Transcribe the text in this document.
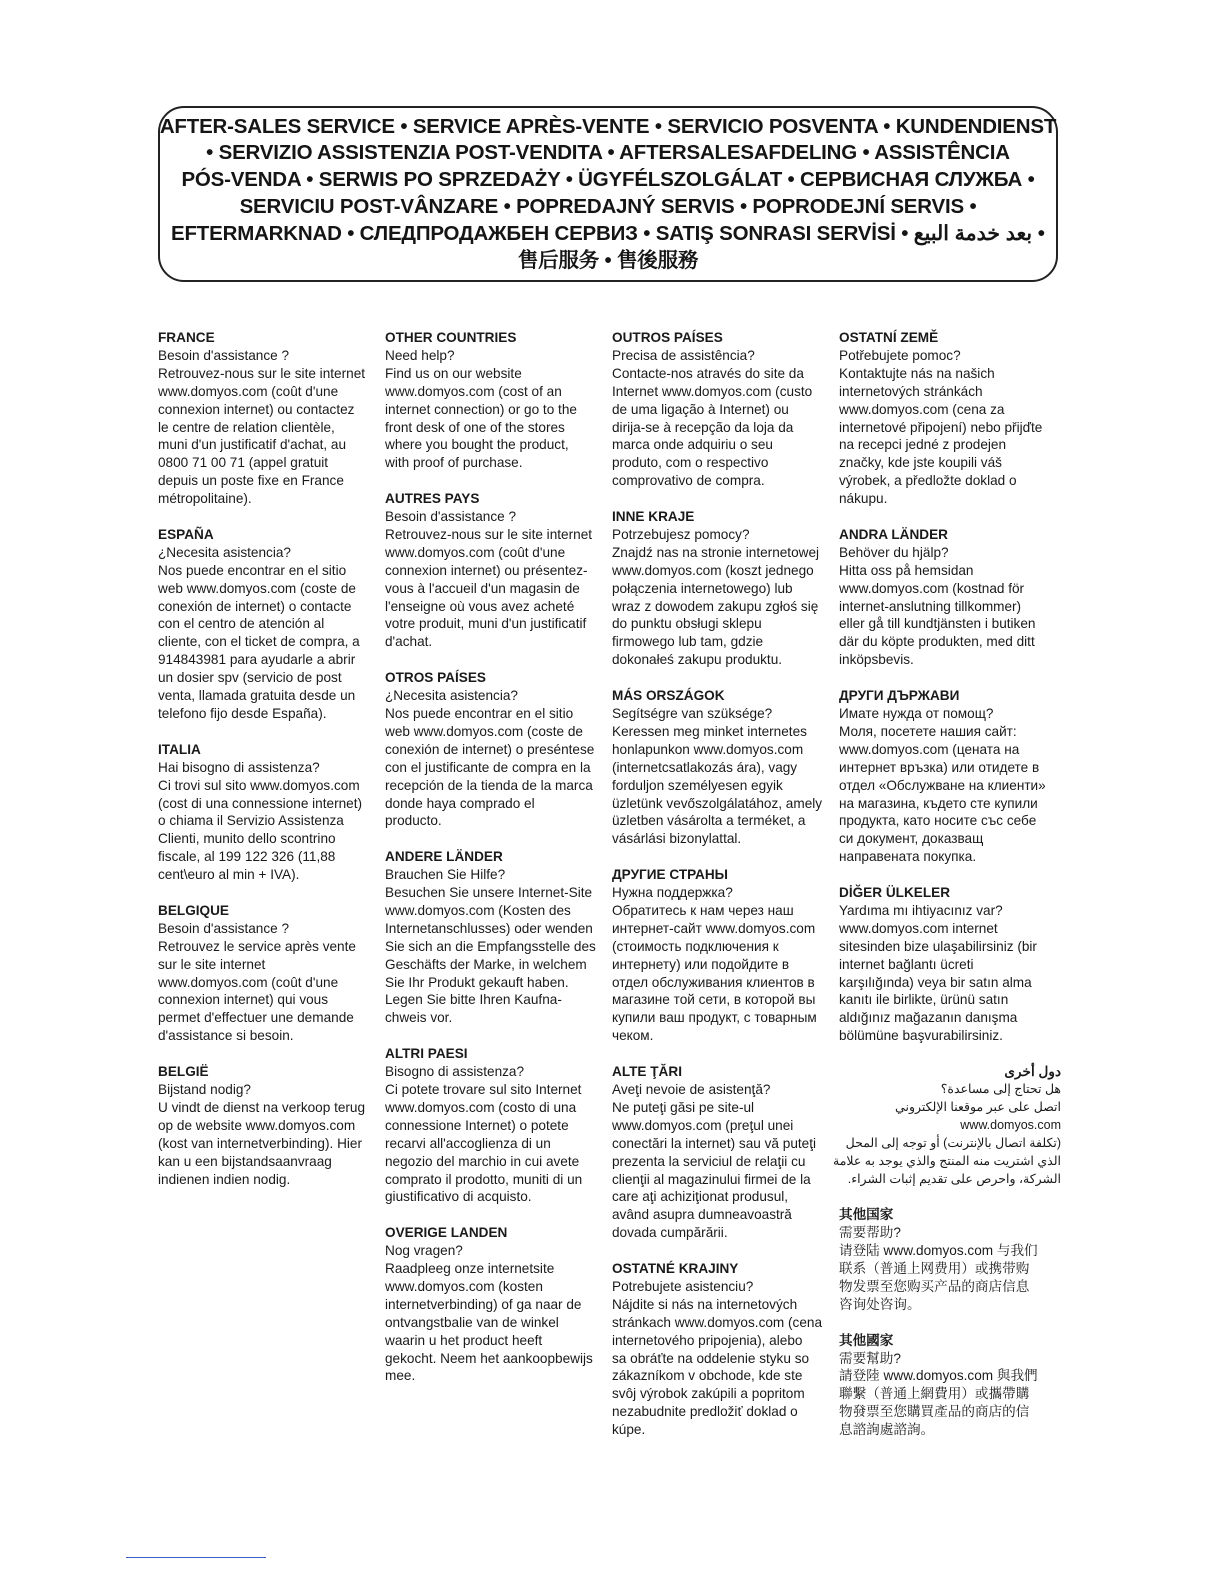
AFTER-SALES SERVICE • SERVICE APRÈS-VENTE • SERVICIO POSVENTA • KUNDENDIENST
• SERVIZIO ASSISTENZIA POST-VENDITA • AFTERSALESAFDELING • ASSISTÊNCIA
PÓS-VENDA • SERWIS PO SPRZEDAŻY • ÜGYFÉLSZOLGÁLAT • СЕРВИСНАЯ СЛУЖБА •
SERVICIU POST-VÂNZARE • POPREDAJNÝ SERVIS • POPRODEJNÍ SERVIS •
EFTERMARKNAD • СЛЕДПРОДАЖБЕН СЕРВИЗ • SATIŞ SONRASI SERVİSİ • بعد خدمة البيع •
售后服务 • 售後服務
FRANCE
Besoin d'assistance ?
Retrouvez-nous sur le site internet
www.domyos.com (coût d'une
connexion internet) ou contactez
le centre de relation clientèle,
muni d'un justificatif d'achat, au
0800 71 00 71 (appel gratuit
depuis un poste fixe en France
métropolitaine).
ESPAÑA
¿Necesita asistencia?
Nos puede encontrar en el sitio
web www.domyos.com (coste de
conexión de internet) o contacte
con el centro de atención al
cliente, con el ticket de compra, a
914843981 para ayudarle a abrir
un dosier spv (servicio de post
venta, llamada gratuita desde un
telefono fijo desde España).
ITALIA
Hai bisogno di assistenza?
Ci trovi sul sito www.domyos.com
(cost di una connessione internet)
o chiama il Servizio Assistenza
Clienti, munito dello scontrino
fiscale, al 199 122 326 (11,88
cent\euro al min + IVA).
BELGIQUE
Besoin d'assistance ?
Retrouvez le service après vente
sur le site internet
www.domyos.com (coût d'une
connexion internet) qui vous
permet d'effectuer une demande
d'assistance si besoin.
BELGIË
Bijstand nodig?
U vindt de dienst na verkoop terug
op de website www.domyos.com
(kost van internetverbinding). Hier
kan u een bijstandsaanvraag
indienen indien nodig.
OTHER COUNTRIES
Need help?
Find us on our website
www.domyos.com (cost of an
internet connection) or go to the
front desk of one of the stores
where you bought the product,
with proof of purchase.
AUTRES PAYS
Besoin d'assistance ?
Retrouvez-nous sur le site internet
www.domyos.com (coût d'une
connexion internet) ou présentez-
vous à l'accueil d'un magasin de
l'enseigne où vous avez acheté
votre produit, muni d'un justificatif
d'achat.
OTROS PAÍSES
¿Necesita asistencia?
Nos puede encontrar en el sitio
web www.domyos.com (coste de
conexión de internet) o preséntese
con el justificante de compra en la
recepción de la tienda de la marca
donde haya comprado el
producto.
ANDERE LÄNDER
Brauchen Sie Hilfe?
Besuchen Sie unsere Internet-Site
www.domyos.com (Kosten des
Internetanschlusses) oder wenden
Sie sich an die Empfangsstelle des
Geschäfts der Marke, in welchem
Sie Ihr Produkt gekauft haben.
Legen Sie bitte Ihren Kaufna-
chweis vor.
ALTRI PAESI
Bisogno di assistenza?
Ci potete trovare sul sito Internet
www.domyos.com (costo di una
connessione Internet) o potete
recarvi all'accoglienza di un
negozio del marchio in cui avete
comprato il prodotto, muniti di un
giustificativo di acquisto.
OVERIGE LANDEN
Nog vragen?
Raadpleeg onze internetsite
www.domyos.com (kosten
internetverbinding) of ga naar de
ontvangstbalie van de winkel
waarin u het product heeft
gekocht. Neem het aankoopbewijs
mee.
OUTROS PAÍSES
Precisa de assistência?
Contacte-nos através do site da
Internet www.domyos.com (custo
de uma ligação à Internet) ou
dirija-se à recepção da loja da
marca onde adquiriu o seu
produto, com o respectivo
comprovativo de compra.
INNE KRAJE
Potrzebujesz pomocy?
Znajdź nas na stronie internetowej
www.domyos.com (koszt jednego
połączenia internetowego) lub
wraz z dowodem zakupu zgłoś się
do punktu obsługi sklepu
firmowego lub tam, gdzie
dokonałeś zakupu produktu.
MÁS ORSZÁGOK
Segítségre van szüksége?
Keressen meg minket internetes
honlapunkon www.domyos.com
(internetcsatlakozás ára), vagy
forduljon személyesen egyik
üzletünk vevőszolgálatához, amely
üzletben vásárolta a terméket, a
vásárlási bizonylattal.
ДРУГИЕ СТРАНЫ
Нужна поддержка?
Обратитесь к нам через наш
интернет-сайт www.domyos.com
(стоимость подключения к
интернету) или подойдите в
отдел обслуживания клиентов в
магазине той сети, в которой вы
купили ваш продукт, с товарным
чеком.
ALTE ŢĂRI
Aveţi nevoie de asistenţă?
Ne puteţi găsi pe site-ul
www.domyos.com (preţul unei
conectări la internet) sau vă puteţi
prezenta la serviciul de relaţii cu
clienţii al magazinului firmei de la
care aţi achiziţionat produsul,
având asupra dumneavoastră
dovada cumpărării.
OSTATNÉ KRAJINY
Potrebujete asistenciu?
Nájdite si nás na internetových
stránkach www.domyos.com (cena
internetového pripojenia), alebo
sa obráťte na oddelenie styku so
zákazníkom v obchode, kde ste
svôj výrobok zakúpili a popritom
nezabudnite predložiť doklad o
kúpe.
OSTATNÍ ZEMĚ
Potřebujete pomoc?
Kontaktujte nás na našich
internetových stránkách
www.domyos.com (cena za
internetové připojení) nebo přijďte
na recepci jedné z prodejen
značky, kde jste koupili váš
výrobek, a předložte doklad o
nákupu.
ANDRA LÄNDER
Behöver du hjälp?
Hitta oss på hemsidan
www.domyos.com (kostnad för
internet-anslutning tillkommer)
eller gå till kundtjänsten i butiken
där du köpte produkten, med ditt
inköpsbevis.
ДРУГИ ДЪРЖАВИ
Имате нужда от помощ?
Моля, посетете нашия сайт:
www.domyos.com (цената на
интернет връзка) или отидете в
отдел «Обслужване на клиенти»
на магазина, където сте купили
продукта, като носите със себе
си документ, доказващ
направената покупка.
DİĞER ÜLKELER
Yardıma mı ihtiyacınız var?
www.domyos.com internet
sitesinden bize ulaşabilirsiniz (bir
internet bağlantı ücreti
karşılığında) veya bir satın alma
kanıtı ile birlikte, ürünü satın
aldığınız mağazanın danışma
bölümüne başvurabilirsiniz.
دول أخرى
هل تحتاج إلى مساعدة؟
اتصل على عبر موقعنا الإلكتروني
www.domyos.com
(تكلفة اتصال بالإنترنت) أو توجه إلى المحل
الذي اشتريت منه المنتج والذي يوجد به علامة
الشركة، واحرص على تقديم إثبات الشراء.
其他国家
需要帮助?
请登陆 www.domyos.com 与我们
联系（普通上网费用）或携带购
物发票至您购买产品的商店信息
咨询处咨询。
其他國家
需要幫助?
請登陸 www.domyos.com 與我們
聯繫（普通上網費用）或攜帶購
物發票至您購買產品的商店的信
息諮詢處諮詢。
